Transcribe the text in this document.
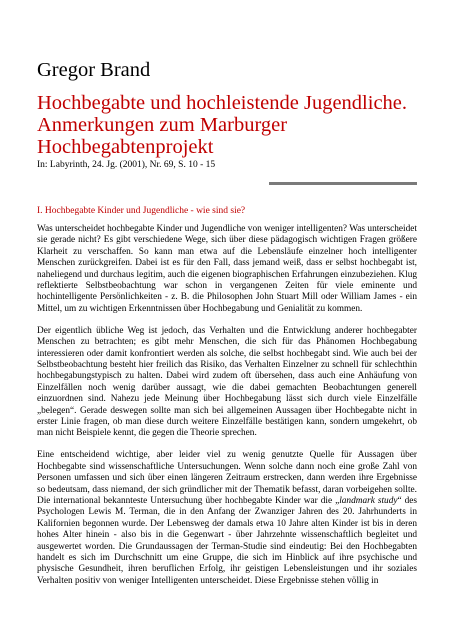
Gregor Brand
Hochbegabte und hochleistende Jugendliche. Anmerkungen zum Marburger Hochbegabtenprojekt

In: Labyrinth, 24. Jg. (2001), Nr. 69, S. 10 - 15

I. Hochbegabte Kinder und Jugendliche - wie sind sie?

Was unterscheidet hochbegabte Kinder und Jugendliche von weniger intelligenten? Was unterscheidet sie gerade nicht? Es gibt verschiedene Wege, sich über diese pädagogisch wichtigen Fragen größere Klarheit zu verschaffen. So kann man etwa auf die Lebensläufe einzelner hoch intelligenter Menschen zurückgreifen. Dabei ist es für den Fall, dass jemand weiß, dass er selbst hochbegabt ist, naheliegend und durchaus legitim, auch die eigenen biographischen Erfahrungen einzubeziehen. Klug reflektierte Selbstbeobachtung war schon in vergangenen Zeiten für viele eminente und hochintelligente Persönlichkeiten - z. B. die Philosophen John Stuart Mill oder William James - ein Mittel, um zu wichtigen Erkenntnissen über Hochbegabung und Genialität zu kommen.

Der eigentlich übliche Weg ist jedoch, das Verhalten und die Entwicklung anderer hochbegabter Menschen zu betrachten; es gibt mehr Menschen, die sich für das Phänomen Hochbegabung interessieren oder damit konfrontiert werden als solche, die selbst hochbegabt sind. Wie auch bei der Selbstbeobachtung besteht hier freilich das Risiko, das Verhalten Einzelner zu schnell für schlechthin hochbegabungstypisch zu halten. Dabei wird zudem oft übersehen, dass auch eine Anhäufung von Einzelfällen noch wenig darüber aussagt, wie die dabei gemachten Beobachtungen generell einzuordnen sind. Nahezu jede Meinung über Hochbegabung lässt sich durch viele Einzelfälle „belegen“. Gerade deswegen sollte man sich bei allgemeinen Aussagen über Hochbegabte nicht in erster Linie fragen, ob man diese durch weitere Einzelfälle bestätigen kann, sondern umgekehrt, ob man nicht Beispiele kennt, die gegen die Theorie sprechen.

Eine entscheidend wichtige, aber leider viel zu wenig genutzte Quelle für Aussagen über Hochbegabte sind wissenschaftliche Untersuchungen. Wenn solche dann noch eine große Zahl von Personen umfassen und sich über einen längeren Zeitraum erstrecken, dann werden ihre Ergebnisse so bedeutsam, dass niemand, der sich gründlicher mit der Thematik befasst, daran vorbeigehen sollte. Die international bekannteste Untersuchung über hochbegabte Kinder war die „landmark study“ des Psychologen Lewis M. Terman, die in den Anfang der Zwanziger Jahren des 20. Jahrhunderts in Kalifornien begonnen wurde. Der Lebensweg der damals etwa 10 Jahre alten Kinder ist bis in deren hohes Alter hinein - also bis in die Gegenwart - über Jahrzehnte wissenschaftlich begleitet und ausgewertet worden. Die Grundaussagen der Terman-Studie sind eindeutig: Bei den Hochbegabten handelt es sich im Durchschnitt um eine Gruppe, die sich im Hinblick auf ihre psychische und physische Gesundheit, ihren beruflichen Erfolg, ihr geistigen Lebensleistungen und ihr soziales Verhalten positiv von weniger Intelligenten unterscheidet. Diese Ergebnisse stehen völlig in
